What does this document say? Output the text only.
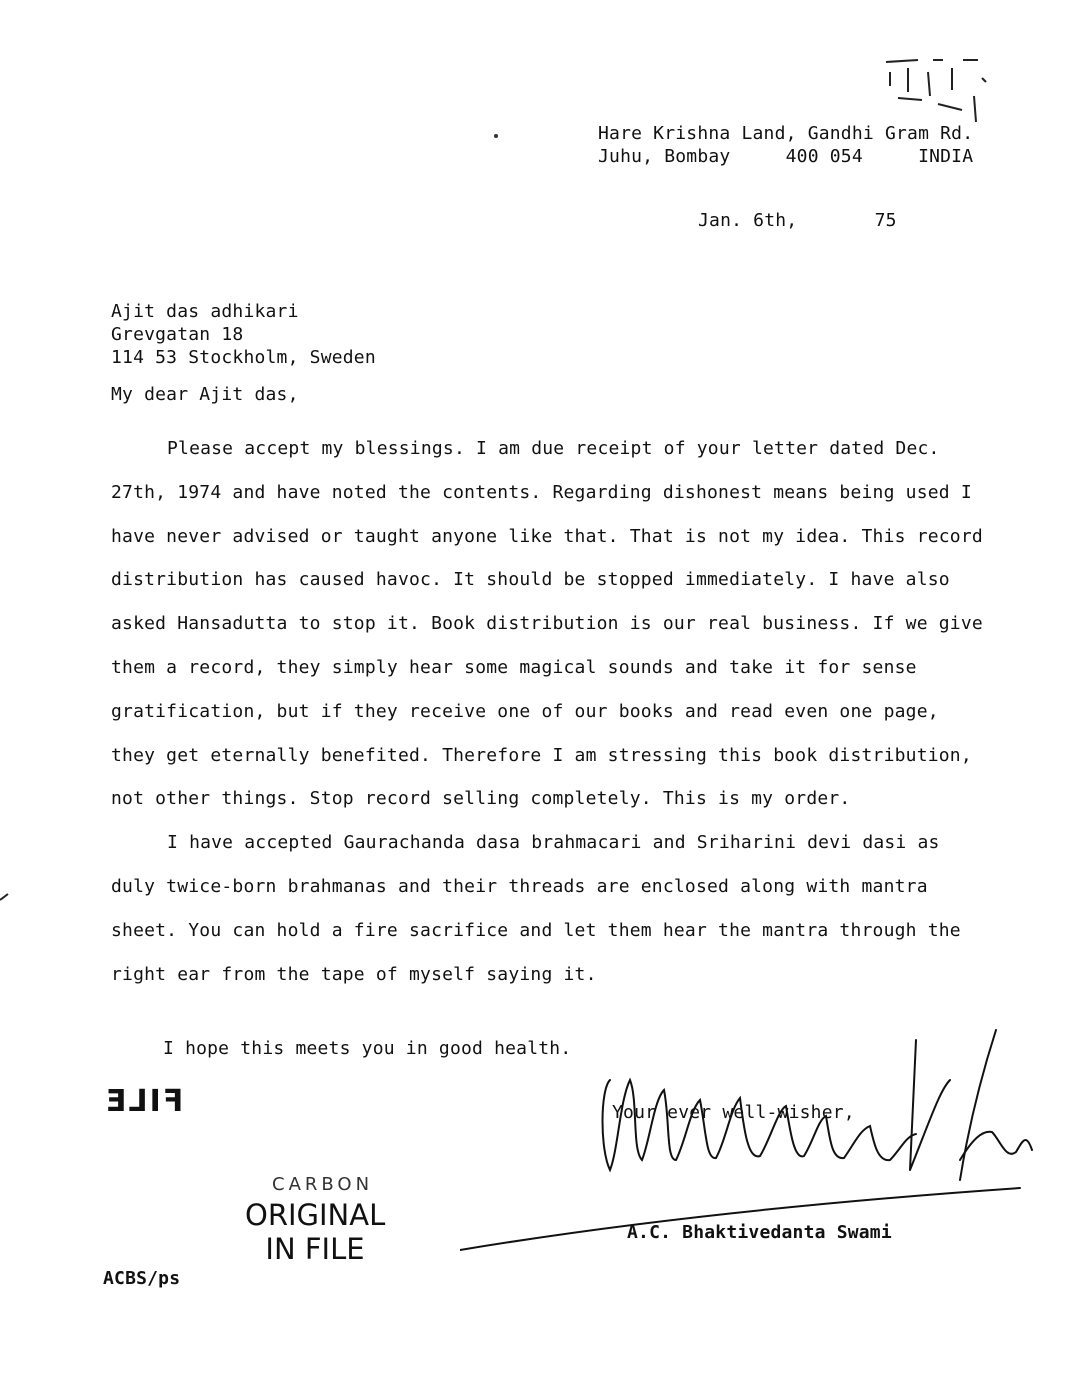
Hare Krishna Land, Gandhi Gram Rd.
Juhu, Bombay     400 054     INDIA
Jan. 6th,       75
Ajit das adhikari
Grevgatan 18
114 53 Stockholm, Sweden
My dear Ajit das,

Please accept my blessings. I am due receipt of your letter dated Dec. 27th, 1974 and have noted the contents. Regarding dishonest means being used I have never advised or taught anyone like that. That is not my idea. This record distribution has caused havoc. It should be stopped immediately. I have also asked Hansadutta to stop it. Book distribution is our real business. If we give them a record, they simply hear some magical sounds and take it for sense gratification, but if they receive one of our books and read even one page, they get eternally benefited. Therefore I am stressing this book distribution, not other things. Stop record selling completely. This is my order.

I have accepted Gaurachanda dasa brahmacari and Sriharini devi dasi as duly twice-born brahmanas and their threads are enclosed along with mantra sheet. You can hold a fire sacrifice and let them hear the mantra through the right ear from the tape of myself saying it.

I hope this meets you in good health.
FILE	Your ever well-wisher,
A.C. Bhaktivedanta Swami
CARBON
ORIGINAL
IN FILE
ACBS/ps
